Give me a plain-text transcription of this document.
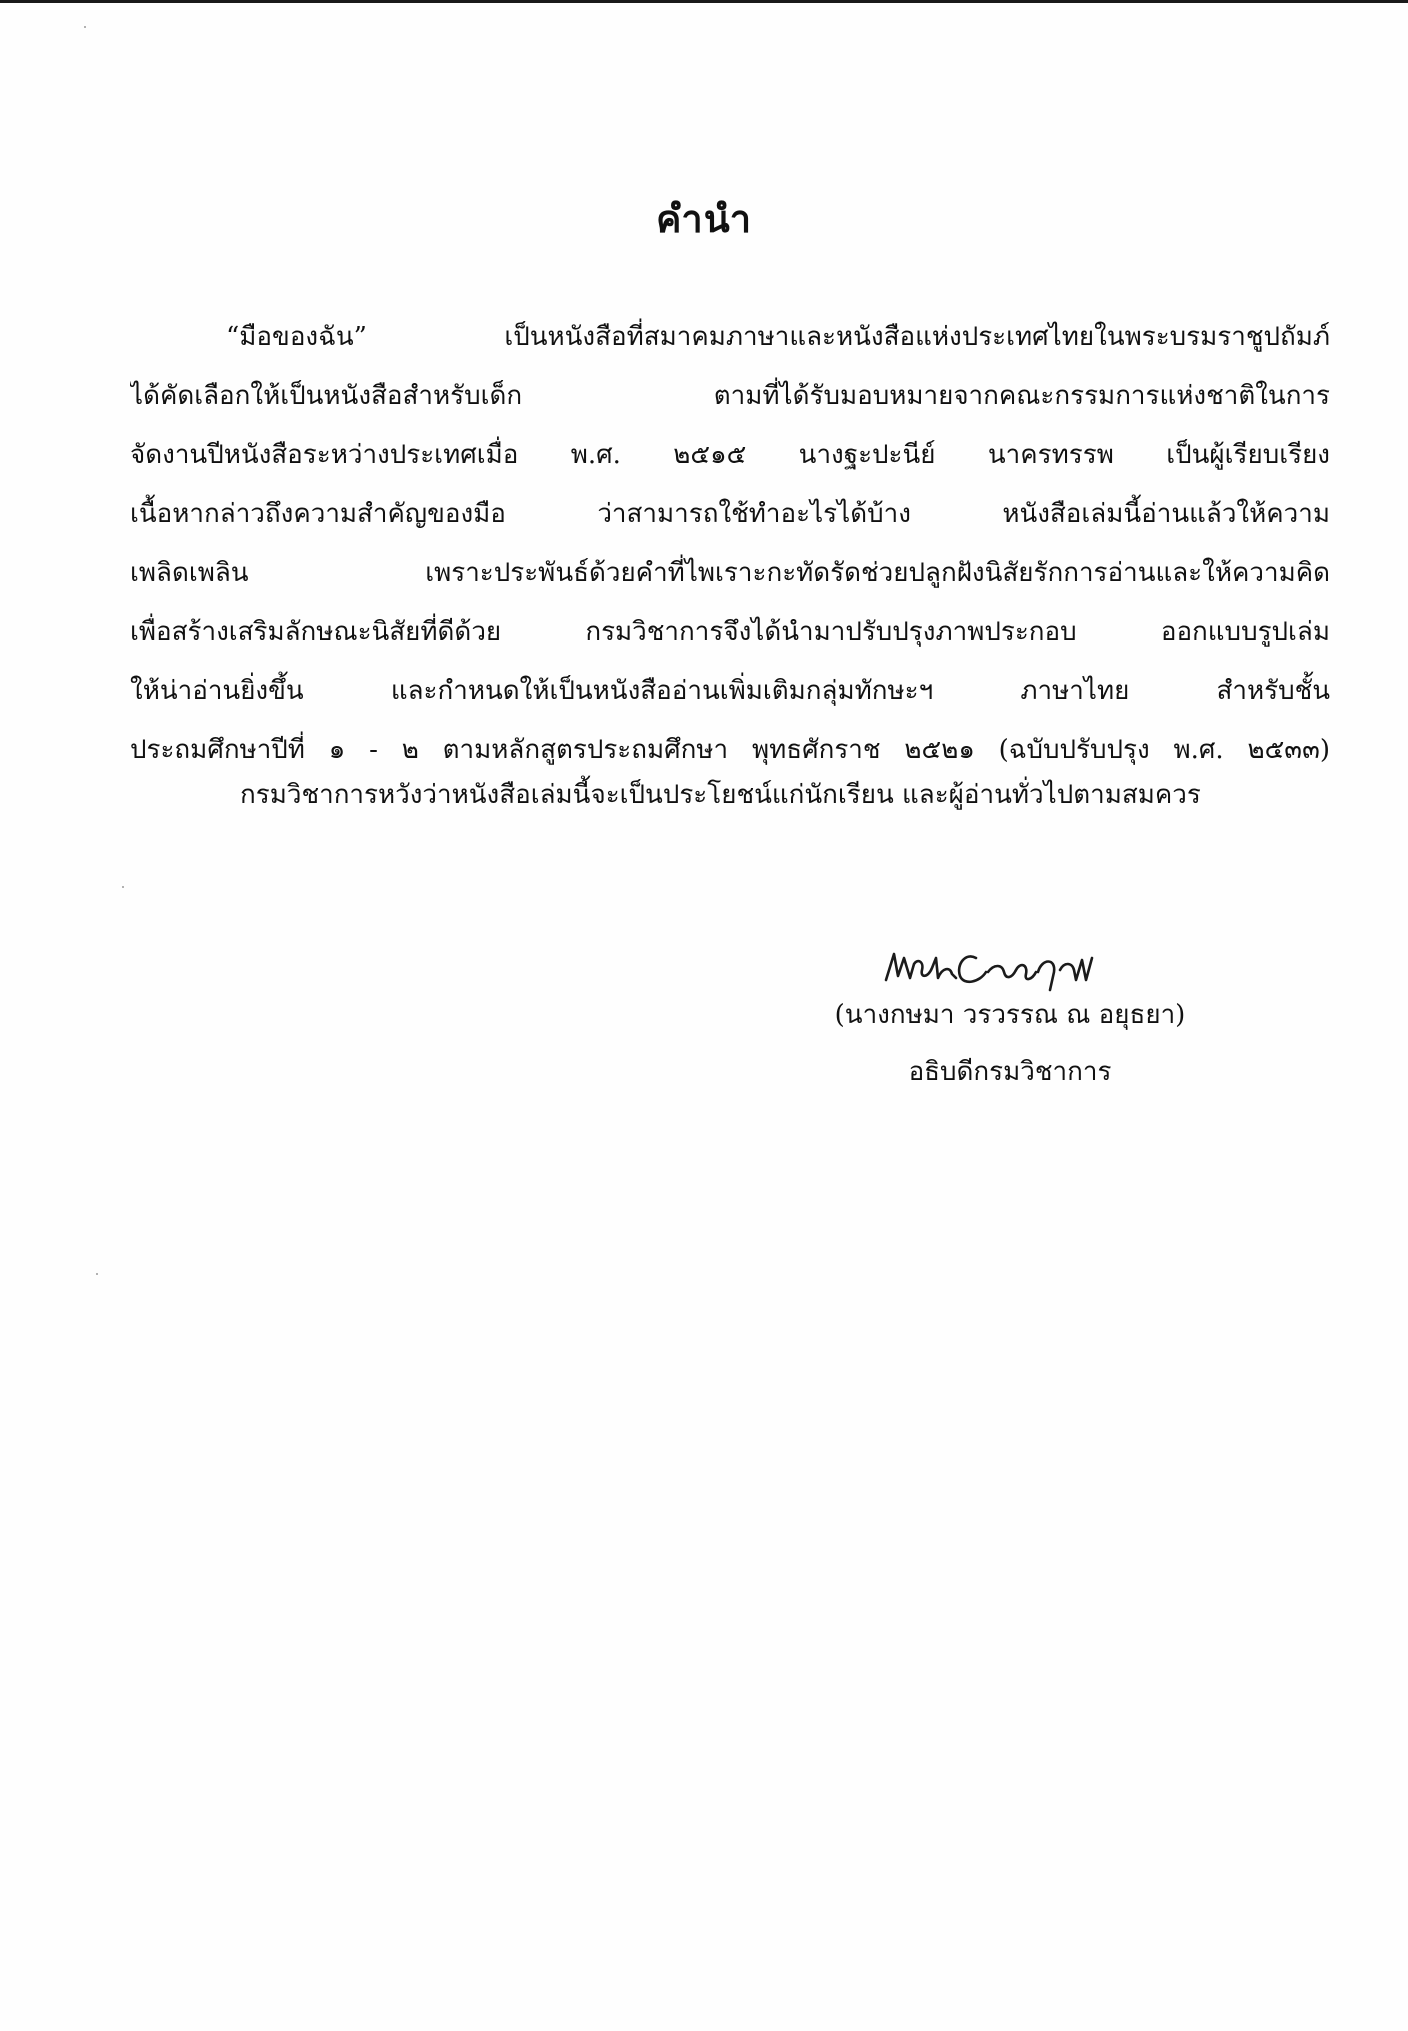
คำนำ
“มือของฉัน” เป็นหนังสือที่สมาคมภาษาและหนังสือแห่งประเทศไทยในพระบรมราชูปถัมภ์
ได้คัดเลือกให้เป็นหนังสือสำหรับเด็ก ตามที่ได้รับมอบหมายจากคณะกรรมการแห่งชาติในการ
จัดงานปีหนังสือระหว่างประเทศเมื่อ พ.ศ. ๒๕๑๕ นางฐะปะนีย์ นาครทรรพ เป็นผู้เรียบเรียง
เนื้อหากล่าวถึงความสำคัญของมือ ว่าสามารถใช้ทำอะไรได้บ้าง หนังสือเล่มนี้อ่านแล้วให้ความ
เพลิดเพลิน เพราะประพันธ์ด้วยคำที่ไพเราะกะทัดรัดช่วยปลูกฝังนิสัยรักการอ่านและให้ความคิด
เพื่อสร้างเสริมลักษณะนิสัยที่ดีด้วย กรมวิชาการจึงได้นำมาปรับปรุงภาพประกอบ ออกแบบรูปเล่ม
ให้น่าอ่านยิ่งขึ้น และกำหนดให้เป็นหนังสืออ่านเพิ่มเติมกลุ่มทักษะฯ ภาษาไทย สำหรับชั้น
ประถมศึกษาปีที่ ๑ - ๒ ตามหลักสูตรประถมศึกษา พุทธศักราช ๒๕๒๑ (ฉบับปรับปรุง พ.ศ. ๒๕๓๓)
กรมวิชาการหวังว่าหนังสือเล่มนี้จะเป็นประโยชน์แก่นักเรียน และผู้อ่านทั่วไปตามสมควร
(นางกษมา วรวรรณ ณ อยุธยา)
อธิบดีกรมวิชาการ
